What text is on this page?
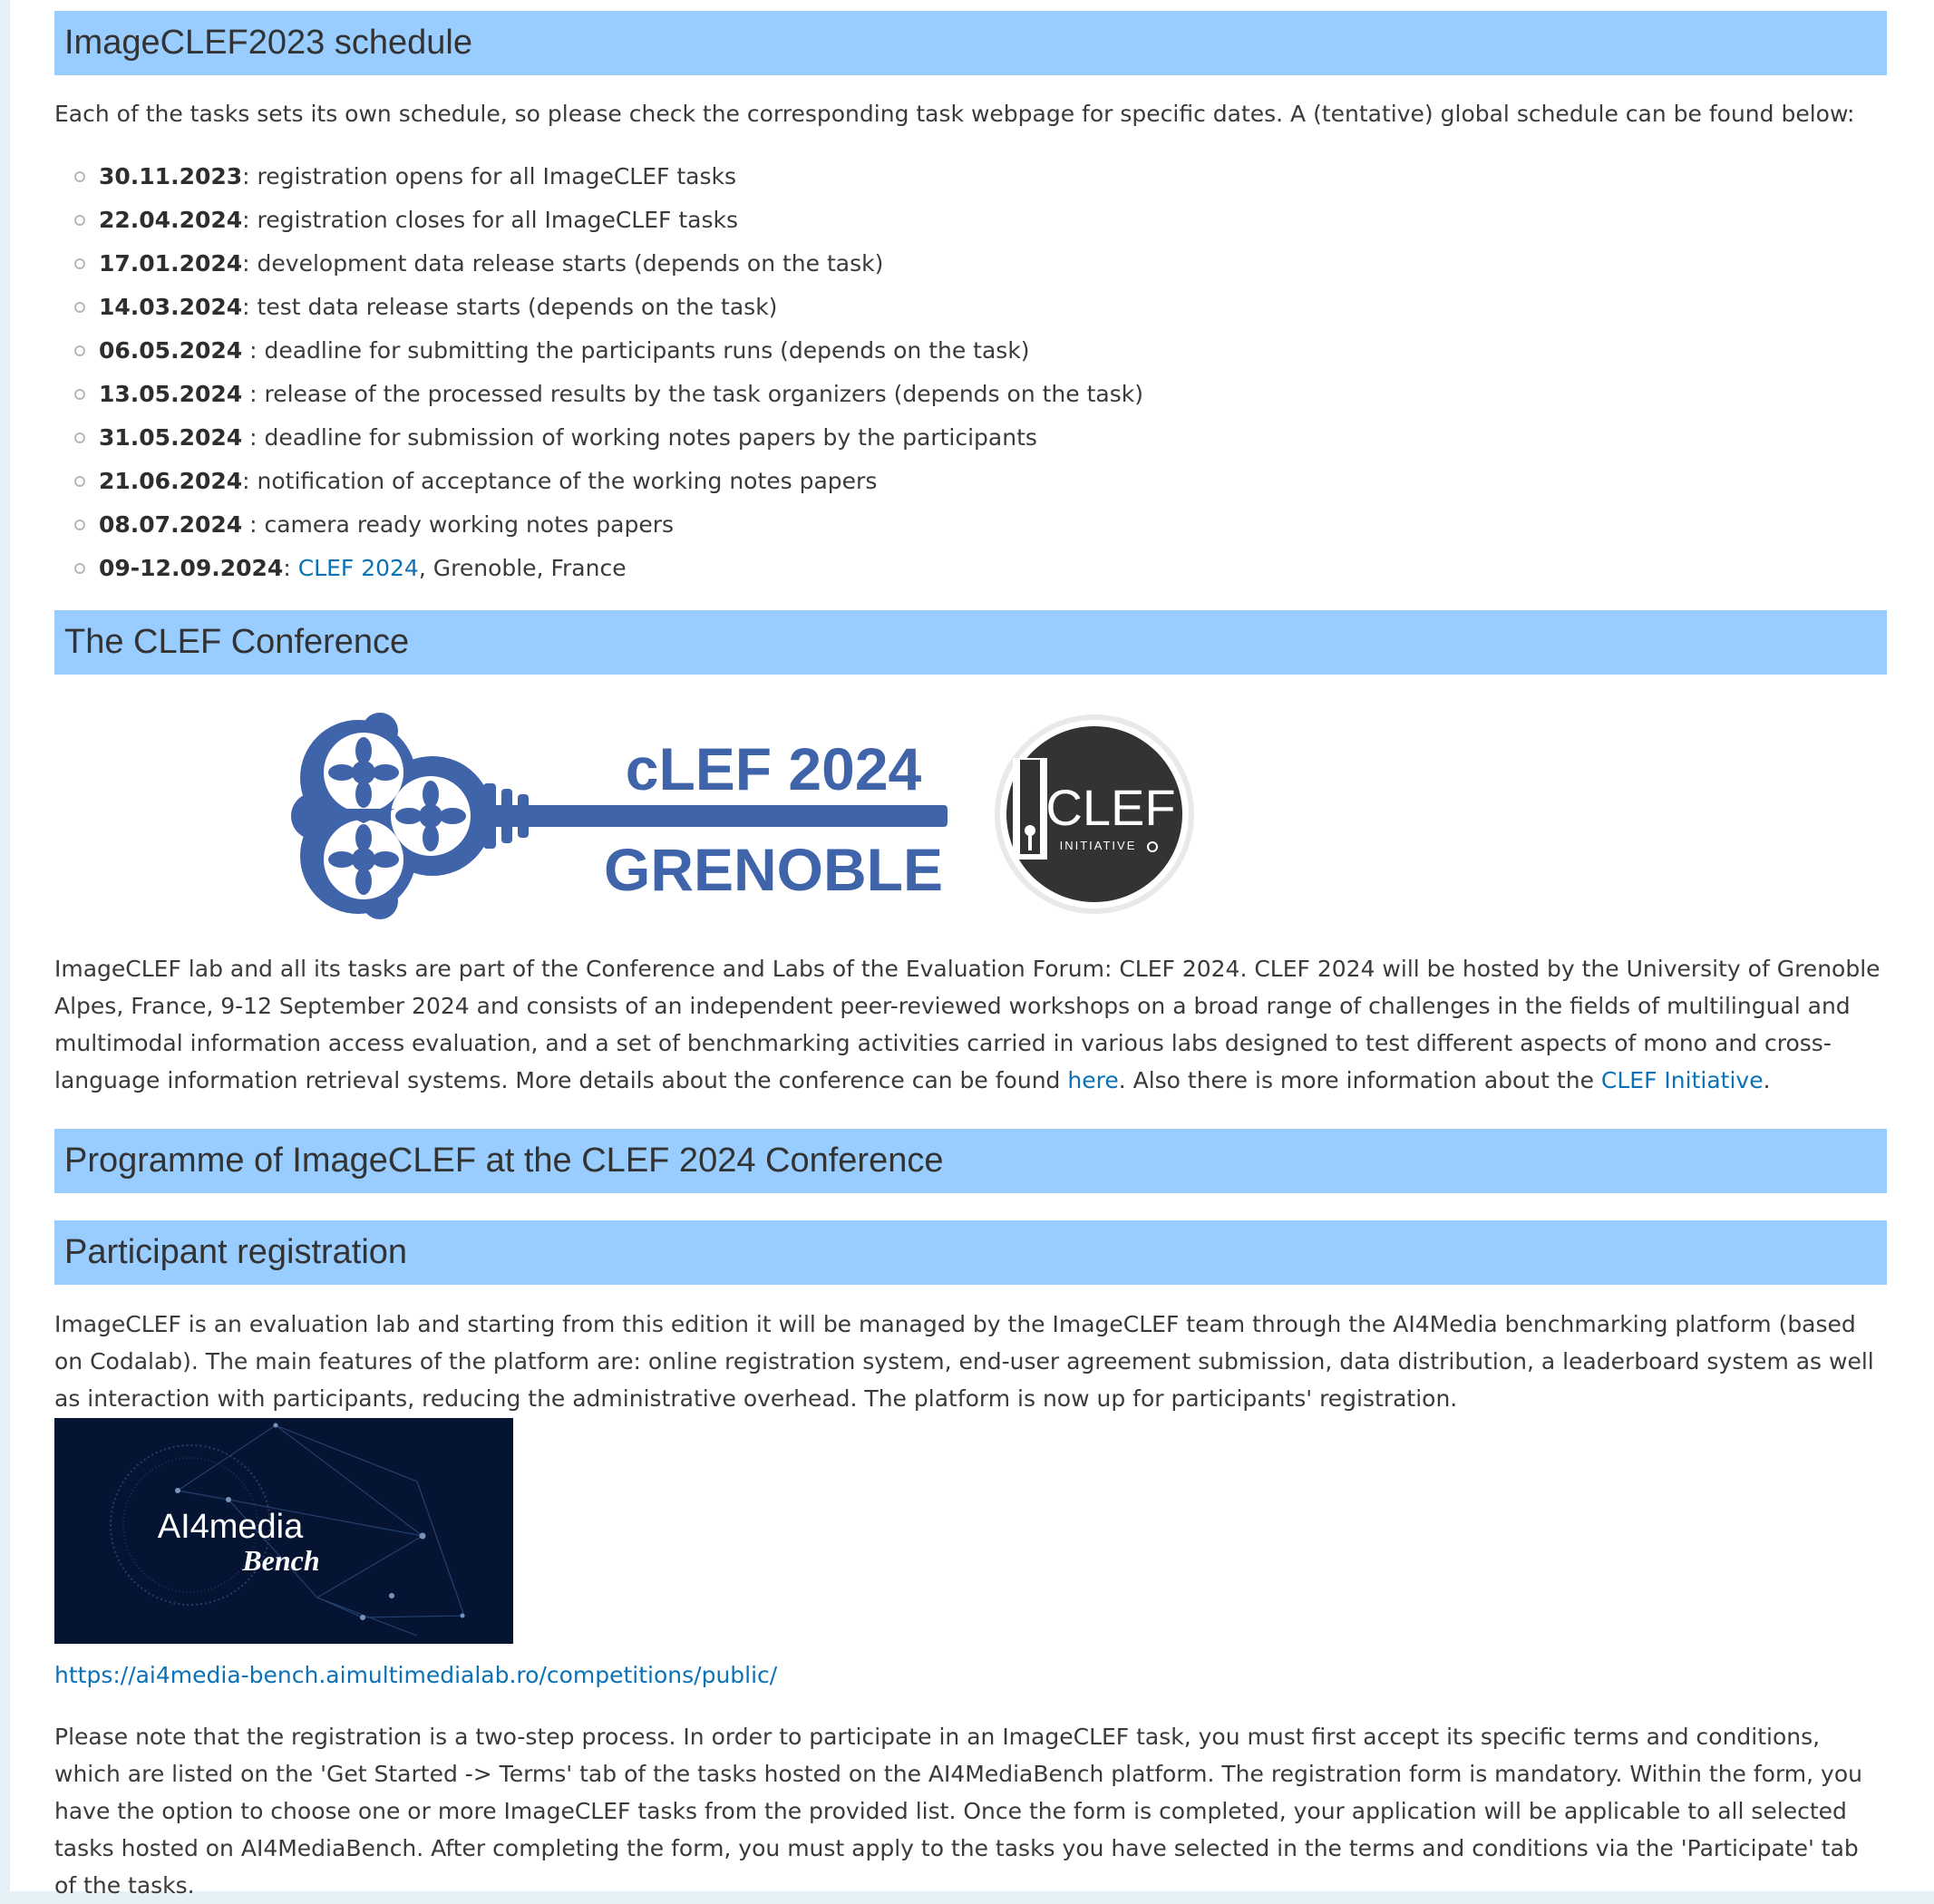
ImageCLEF2023 schedule

Each of the tasks sets its own schedule, so please check the corresponding task webpage for specific dates. A (tentative) global schedule can be found below:

30.11.2023: registration opens for all ImageCLEF tasks
22.04.2024: registration closes for all ImageCLEF tasks
17.01.2024: development data release starts (depends on the task)
14.03.2024: test data release starts (depends on the task)
06.05.2024 : deadline for submitting the participants runs (depends on the task)
13.05.2024 : release of the processed results by the task organizers (depends on the task)
31.05.2024 : deadline for submission of working notes papers by the participants
21.06.2024: notification of acceptance of the working notes papers
08.07.2024 : camera ready working notes papers
09-12.09.2024: CLEF 2024, Grenoble, France
The CLEF Conference
cLEF 2024
GRENOBLE
CLEF
INITIATIVE

ImageCLEF lab and all its tasks are part of the Conference and Labs of the Evaluation Forum: CLEF 2024. CLEF 2024 will be hosted by the University of Grenoble Alpes, France, 9-12 September 2024 and consists of an independent peer-reviewed workshops on a broad range of challenges in the fields of multilingual and multimodal information access evaluation, and a set of benchmarking activities carried in various labs designed to test different aspects of mono and cross-language information retrieval systems. More details about the conference can be found here. Also there is more information about the CLEF Initiative.

Programme of ImageCLEF at the CLEF 2024 Conference
Participant registration

ImageCLEF is an evaluation lab and starting from this edition it will be managed by the ImageCLEF team through the AI4Media benchmarking platform (based on Codalab). The main features of the platform are: online registration system, end-user agreement submission, data distribution, a leaderboard system as well as interaction with participants, reducing the administrative overhead. The platform is now up for participants' registration.

AI4media
Bench

https://ai4media-bench.aimultimedialab.ro/competitions/public/

Please note that the registration is a two-step process. In order to participate in an ImageCLEF task, you must first accept its specific terms and conditions, which are listed on the 'Get Started -> Terms' tab of the tasks hosted on the AI4MediaBench platform. The registration form is mandatory. Within the form, you have the option to choose one or more ImageCLEF tasks from the provided list. Once the form is completed, your application will be applicable to all selected tasks hosted on AI4MediaBench. After completing the form, you must apply to the tasks you have selected in the terms and conditions via the 'Participate' tab of the tasks.
